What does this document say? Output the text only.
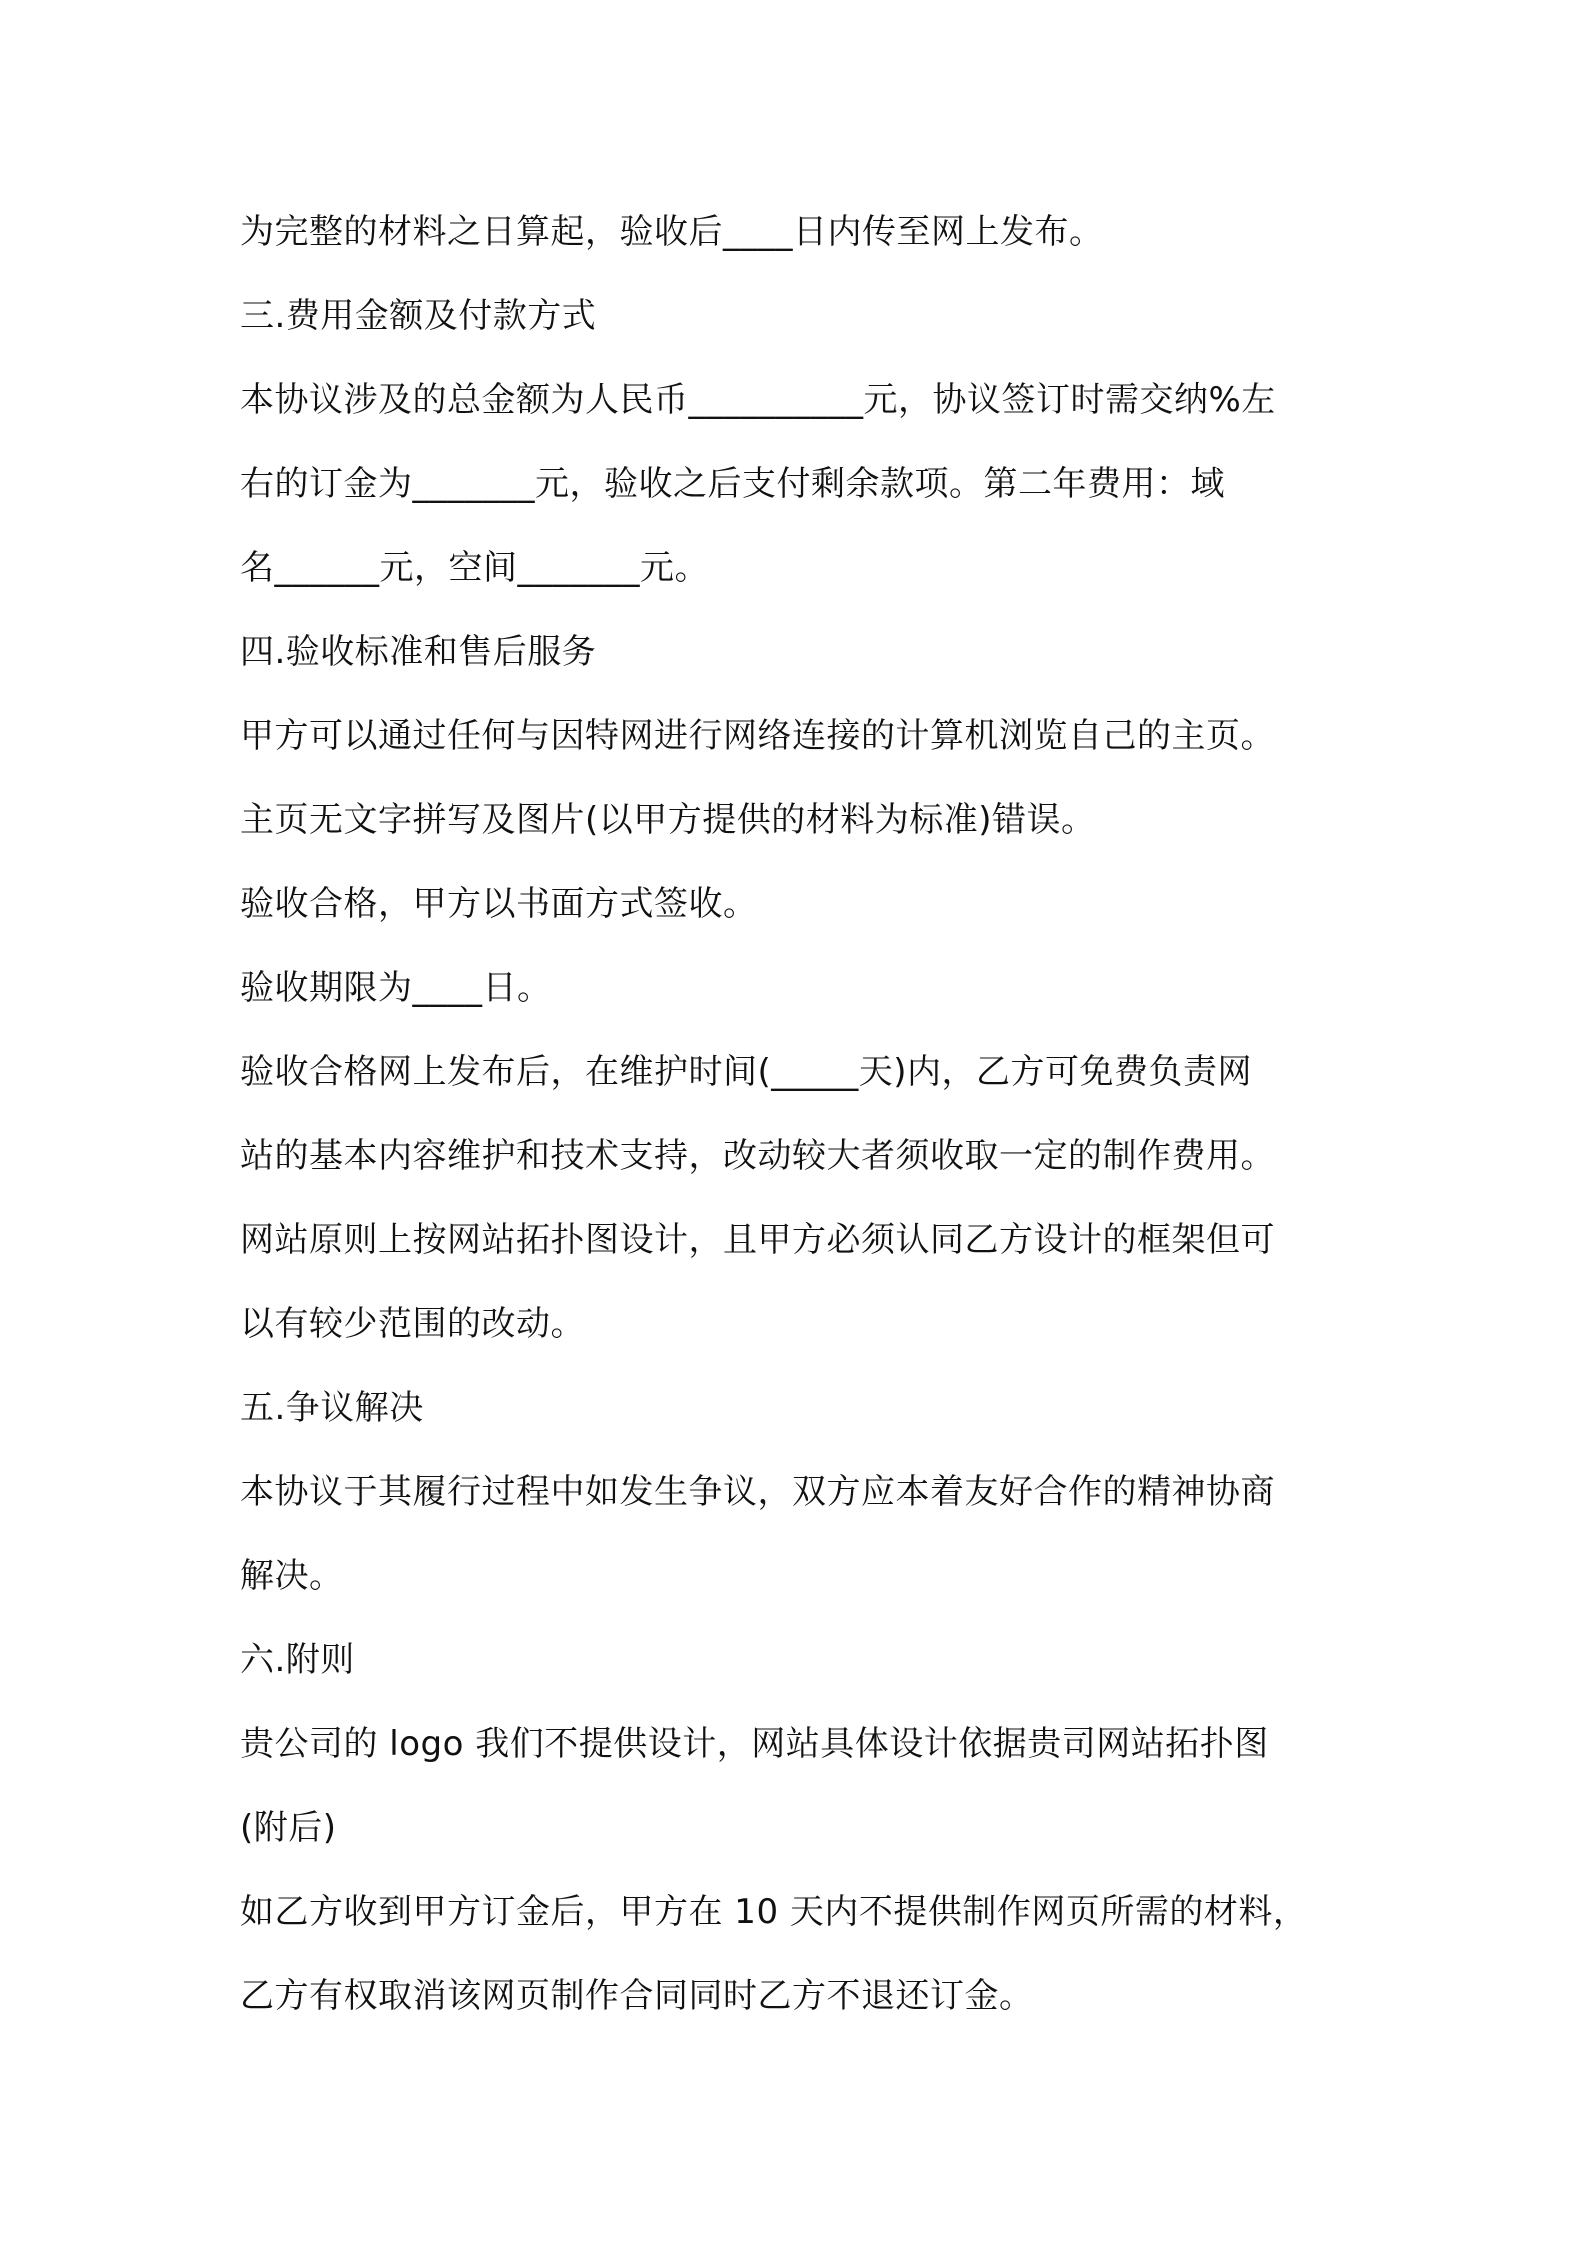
为完整的材料之日算起，验收后____日内传至网上发布。
三.费用金额及付款方式
本协议涉及的总金额为人民币__________元，协议签订时需交纳%左
右的订金为_______元，验收之后支付剩余款项。第二年费用：域
名______元，空间_______元。
四.验收标准和售后服务
甲方可以通过任何与因特网进行网络连接的计算机浏览自己的主页。
主页无文字拼写及图片(以甲方提供的材料为标准)错误。
验收合格，甲方以书面方式签收。
验收期限为____日。
验收合格网上发布后，在维护时间(_____天)内，乙方可免费负责网
站的基本内容维护和技术支持，改动较大者须收取一定的制作费用。
网站原则上按网站拓扑图设计，且甲方必须认同乙方设计的框架但可
以有较少范围的改动。
五.争议解决
本协议于其履行过程中如发生争议，双方应本着友好合作的精神协商
解决。
六.附则
贵公司的 logo 我们不提供设计，网站具体设计依据贵司网站拓扑图
(附后)
如乙方收到甲方订金后，甲方在 10 天内不提供制作网页所需的材料，
乙方有权取消该网页制作合同同时乙方不退还订金。
